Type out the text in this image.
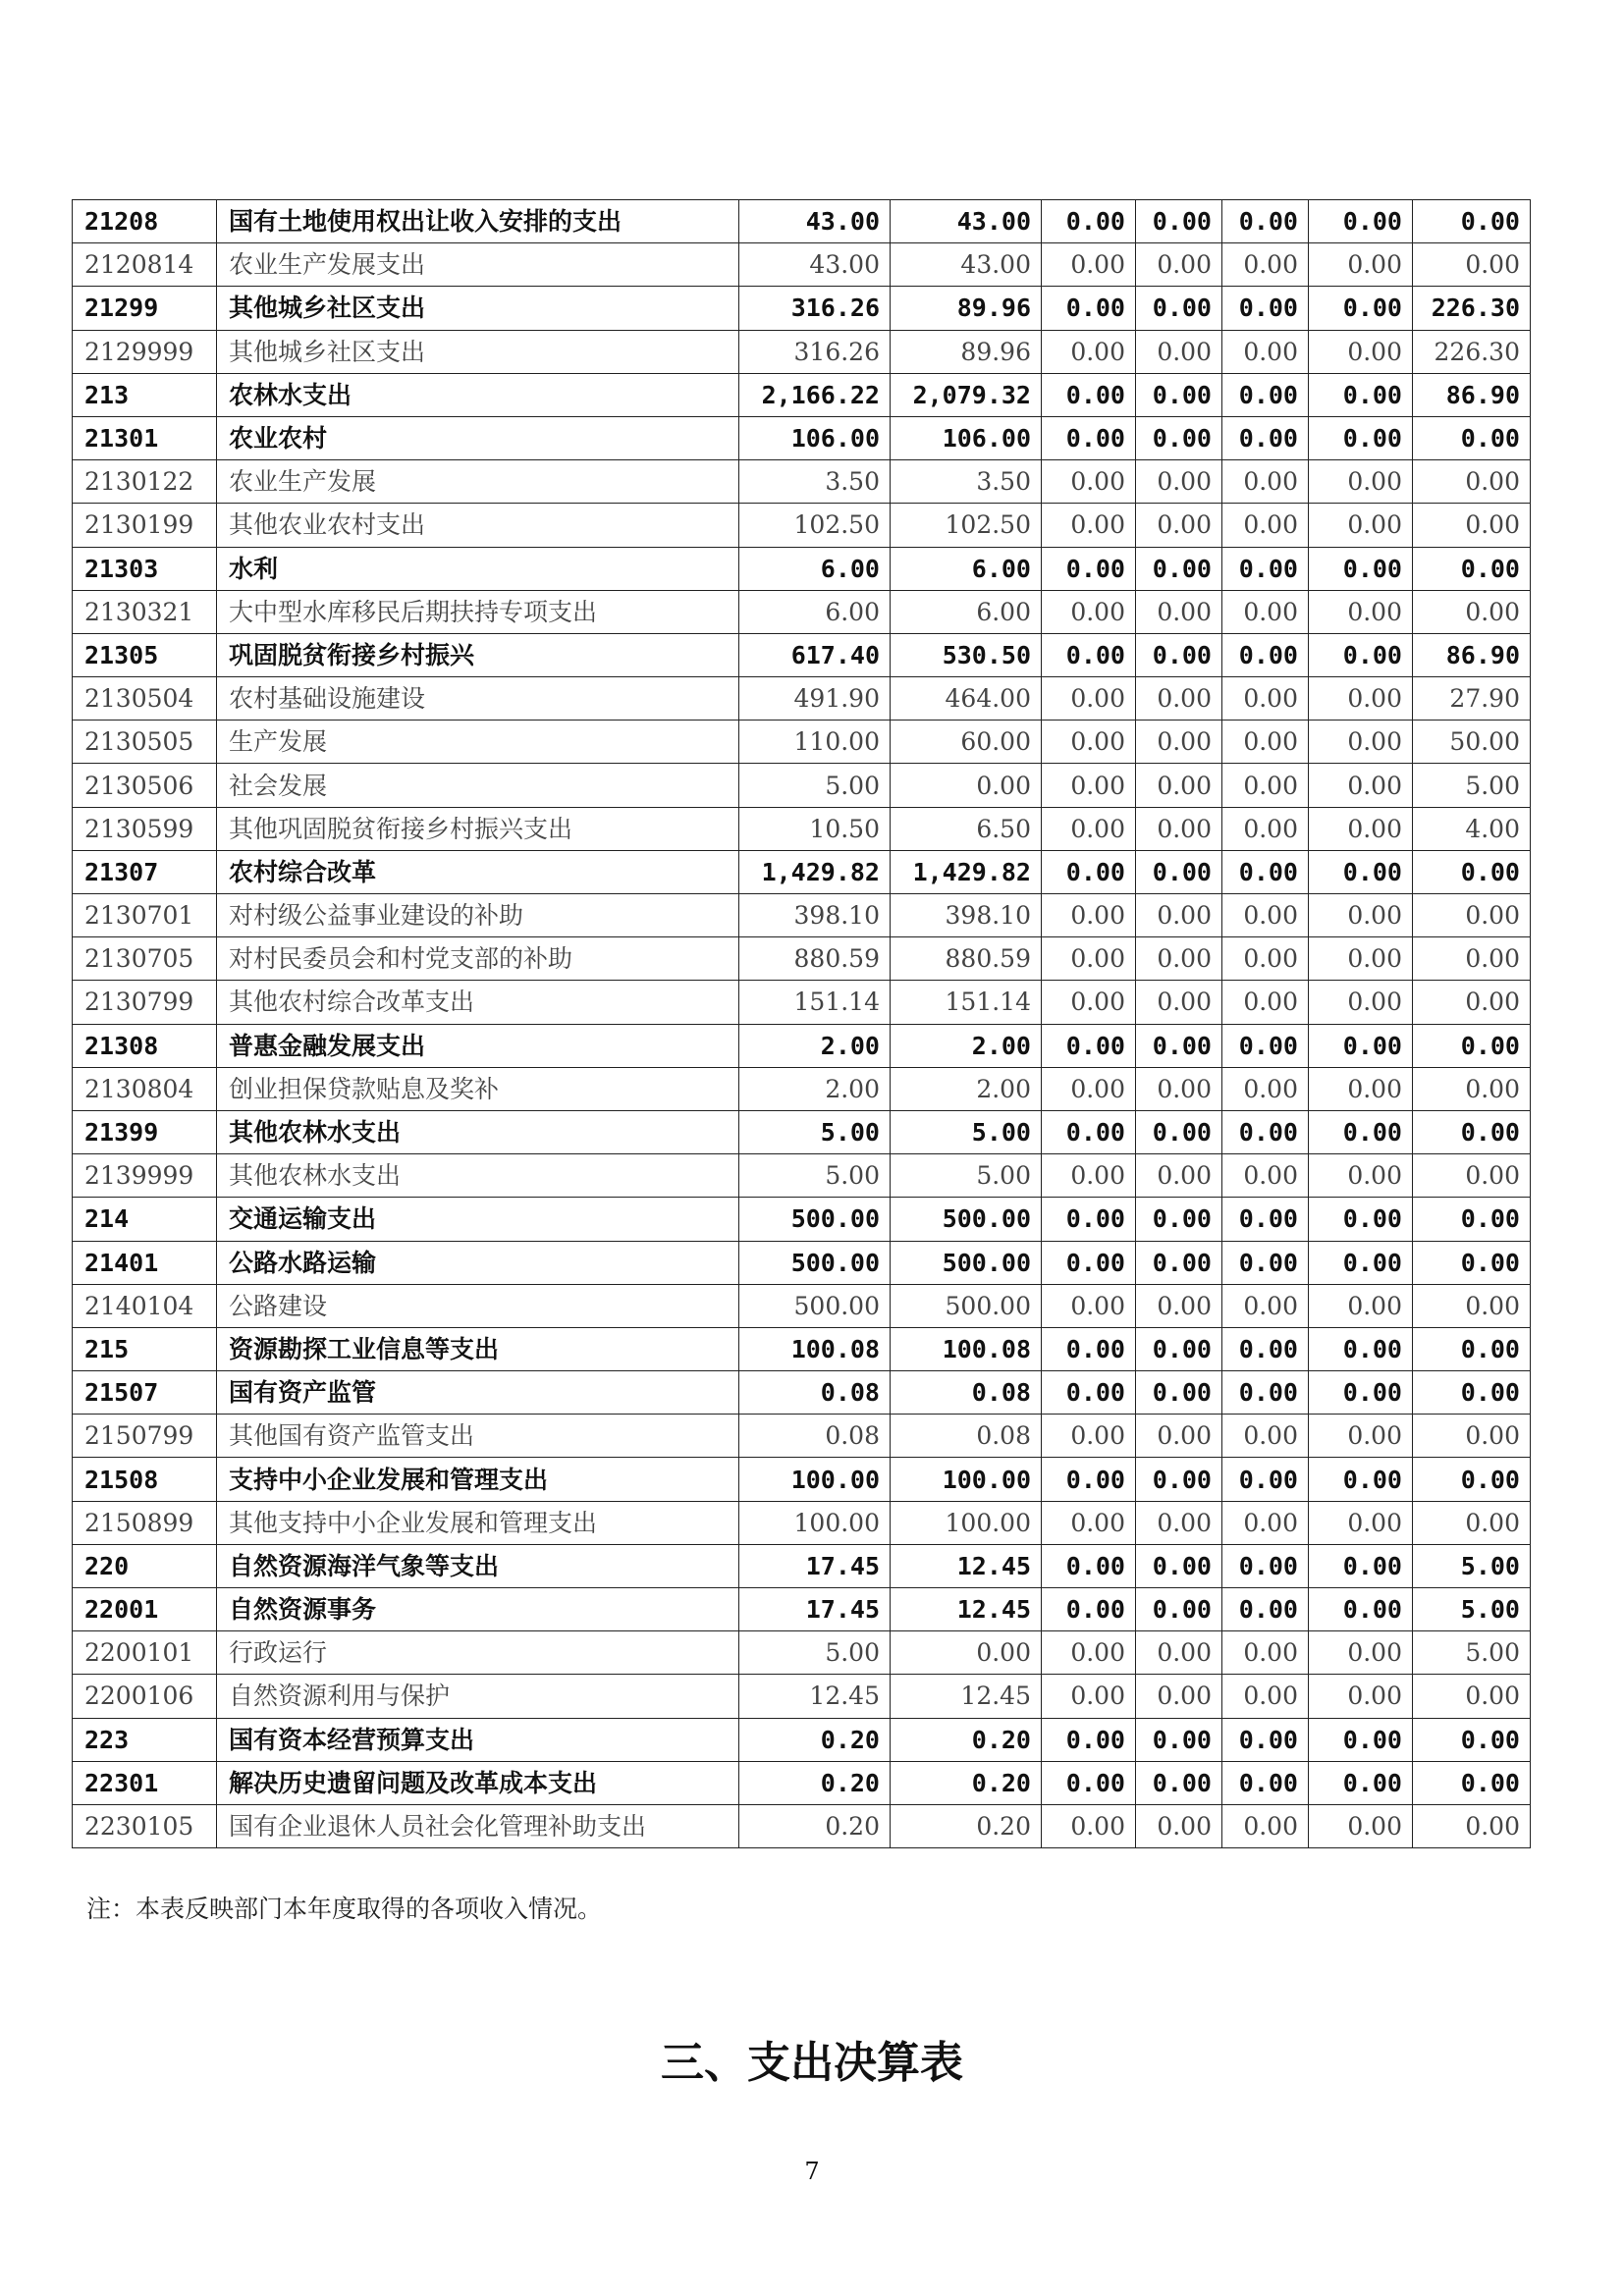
21208	国有土地使用权出让收入安排的支出	43.00	43.00	0.00	0.00	0.00	0.00	0.00
2120814	农业生产发展支出	43.00	43.00	0.00	0.00	0.00	0.00	0.00
21299	其他城乡社区支出	316.26	89.96	0.00	0.00	0.00	0.00	226.30
2129999	其他城乡社区支出	316.26	89.96	0.00	0.00	0.00	0.00	226.30
213	农林水支出	2,166.22	2,079.32	0.00	0.00	0.00	0.00	86.90
21301	农业农村	106.00	106.00	0.00	0.00	0.00	0.00	0.00
2130122	农业生产发展	3.50	3.50	0.00	0.00	0.00	0.00	0.00
2130199	其他农业农村支出	102.50	102.50	0.00	0.00	0.00	0.00	0.00
21303	水利	6.00	6.00	0.00	0.00	0.00	0.00	0.00
2130321	大中型水库移民后期扶持专项支出	6.00	6.00	0.00	0.00	0.00	0.00	0.00
21305	巩固脱贫衔接乡村振兴	617.40	530.50	0.00	0.00	0.00	0.00	86.90
2130504	农村基础设施建设	491.90	464.00	0.00	0.00	0.00	0.00	27.90
2130505	生产发展	110.00	60.00	0.00	0.00	0.00	0.00	50.00
2130506	社会发展	5.00	0.00	0.00	0.00	0.00	0.00	5.00
2130599	其他巩固脱贫衔接乡村振兴支出	10.50	6.50	0.00	0.00	0.00	0.00	4.00
21307	农村综合改革	1,429.82	1,429.82	0.00	0.00	0.00	0.00	0.00
2130701	对村级公益事业建设的补助	398.10	398.10	0.00	0.00	0.00	0.00	0.00
2130705	对村民委员会和村党支部的补助	880.59	880.59	0.00	0.00	0.00	0.00	0.00
2130799	其他农村综合改革支出	151.14	151.14	0.00	0.00	0.00	0.00	0.00
21308	普惠金融发展支出	2.00	2.00	0.00	0.00	0.00	0.00	0.00
2130804	创业担保贷款贴息及奖补	2.00	2.00	0.00	0.00	0.00	0.00	0.00
21399	其他农林水支出	5.00	5.00	0.00	0.00	0.00	0.00	0.00
2139999	其他农林水支出	5.00	5.00	0.00	0.00	0.00	0.00	0.00
214	交通运输支出	500.00	500.00	0.00	0.00	0.00	0.00	0.00
21401	公路水路运输	500.00	500.00	0.00	0.00	0.00	0.00	0.00
2140104	公路建设	500.00	500.00	0.00	0.00	0.00	0.00	0.00
215	资源勘探工业信息等支出	100.08	100.08	0.00	0.00	0.00	0.00	0.00
21507	国有资产监管	0.08	0.08	0.00	0.00	0.00	0.00	0.00
2150799	其他国有资产监管支出	0.08	0.08	0.00	0.00	0.00	0.00	0.00
21508	支持中小企业发展和管理支出	100.00	100.00	0.00	0.00	0.00	0.00	0.00
2150899	其他支持中小企业发展和管理支出	100.00	100.00	0.00	0.00	0.00	0.00	0.00
220	自然资源海洋气象等支出	17.45	12.45	0.00	0.00	0.00	0.00	5.00
22001	自然资源事务	17.45	12.45	0.00	0.00	0.00	0.00	5.00
2200101	行政运行	5.00	0.00	0.00	0.00	0.00	0.00	5.00
2200106	自然资源利用与保护	12.45	12.45	0.00	0.00	0.00	0.00	0.00
223	国有资本经营预算支出	0.20	0.20	0.00	0.00	0.00	0.00	0.00
22301	解决历史遗留问题及改革成本支出	0.20	0.20	0.00	0.00	0.00	0.00	0.00
2230105	国有企业退休人员社会化管理补助支出	0.20	0.20	0.00	0.00	0.00	0.00	0.00
注：本表反映部门本年度取得的各项收入情况。
三、支出决算表
7
